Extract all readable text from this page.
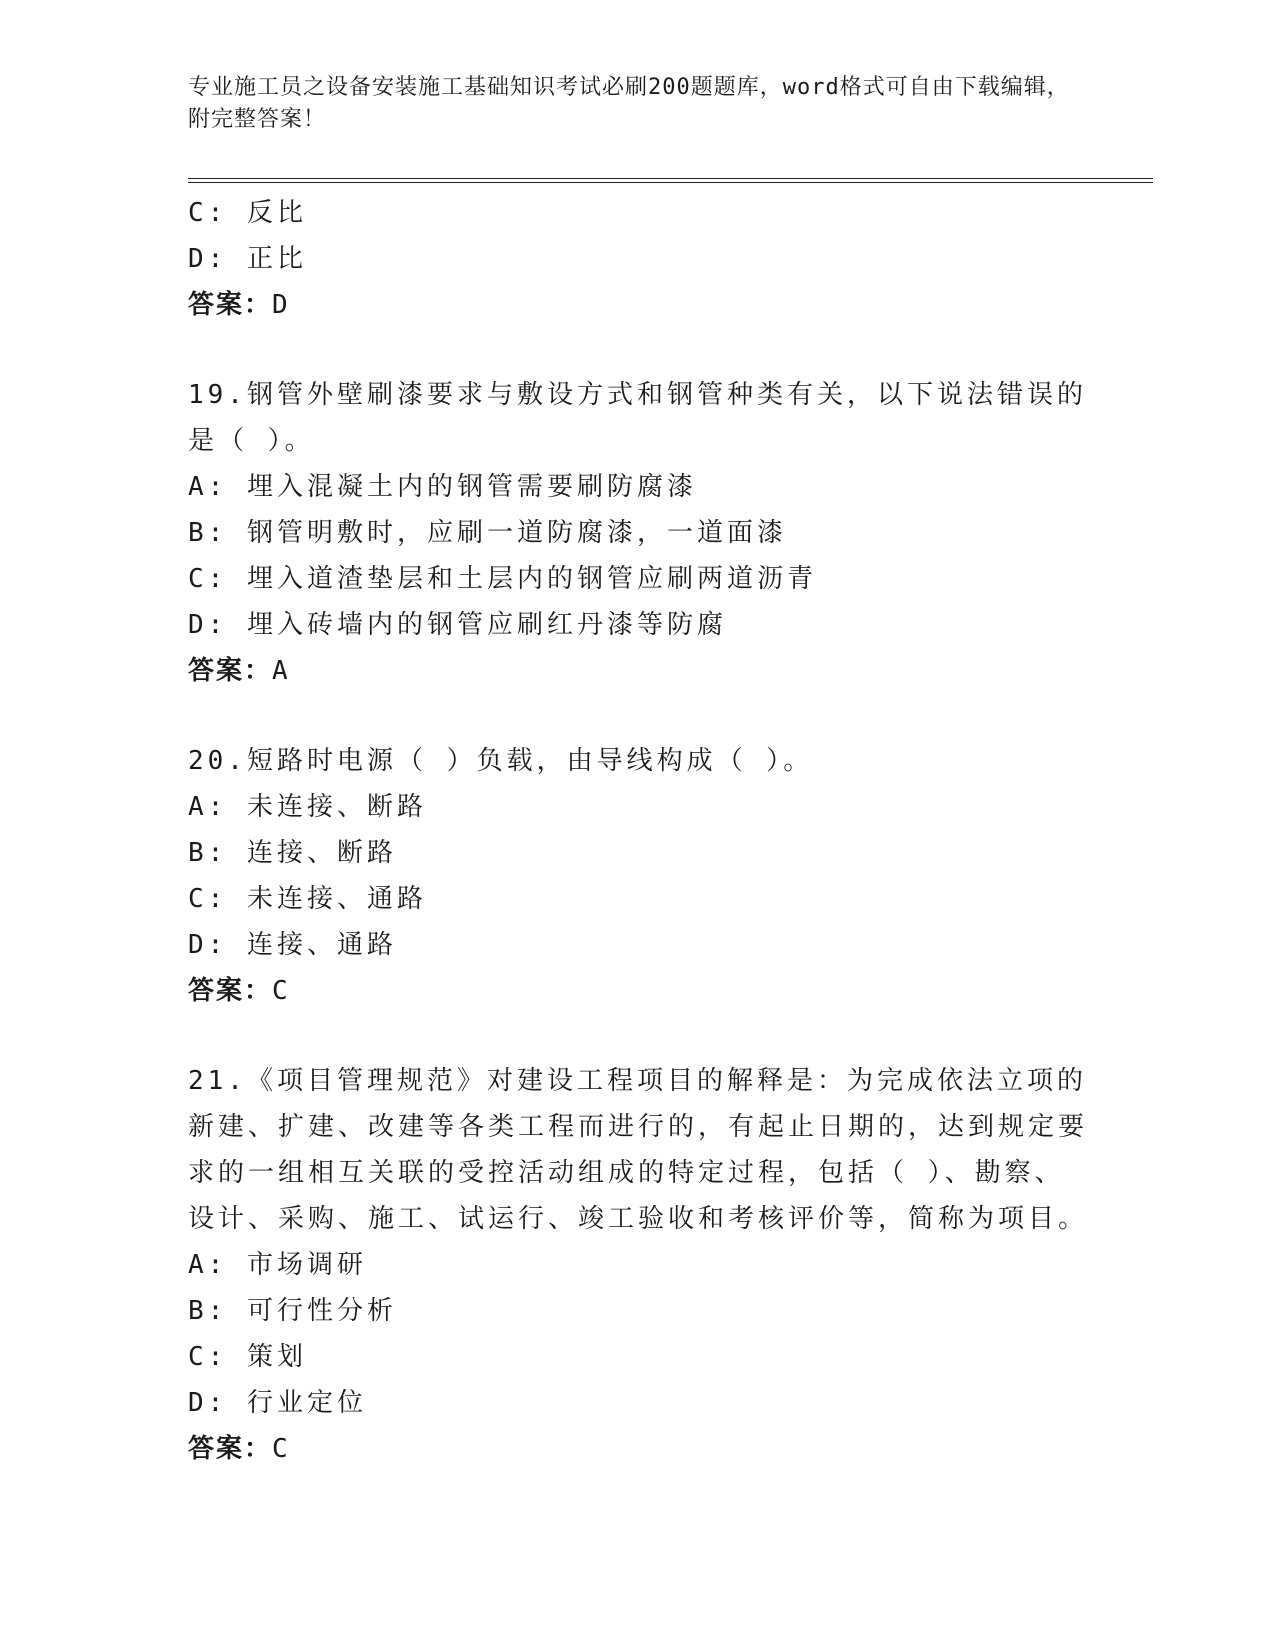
专业施工员之设备安装施工基础知识考试必刷200题题库，word格式可自由下载编辑，附完整答案！
C: 反比
D: 正比
答案：D
19.钢管外壁刷漆要求与敷设方式和钢管种类有关，以下说法错误的是（ ）。
A: 埋入混凝土内的钢管需要刷防腐漆
B: 钢管明敷时，应刷一道防腐漆，一道面漆
C: 埋入道渣垫层和土层内的钢管应刷两道沥青
D: 埋入砖墙内的钢管应刷红丹漆等防腐
答案：A
20.短路时电源（ ）负载，由导线构成（ ）。
A: 未连接、断路
B: 连接、断路
C: 未连接、通路
D: 连接、通路
答案：C
21.《项目管理规范》对建设工程项目的解释是：为完成依法立项的新建、扩建、改建等各类工程而进行的，有起止日期的，达到规定要求的一组相互关联的受控活动组成的特定过程，包括（ ）、勘察、设计、采购、施工、试运行、竣工验收和考核评价等，简称为项目。
A: 市场调研
B: 可行性分析
C: 策划
D: 行业定位
答案：C
